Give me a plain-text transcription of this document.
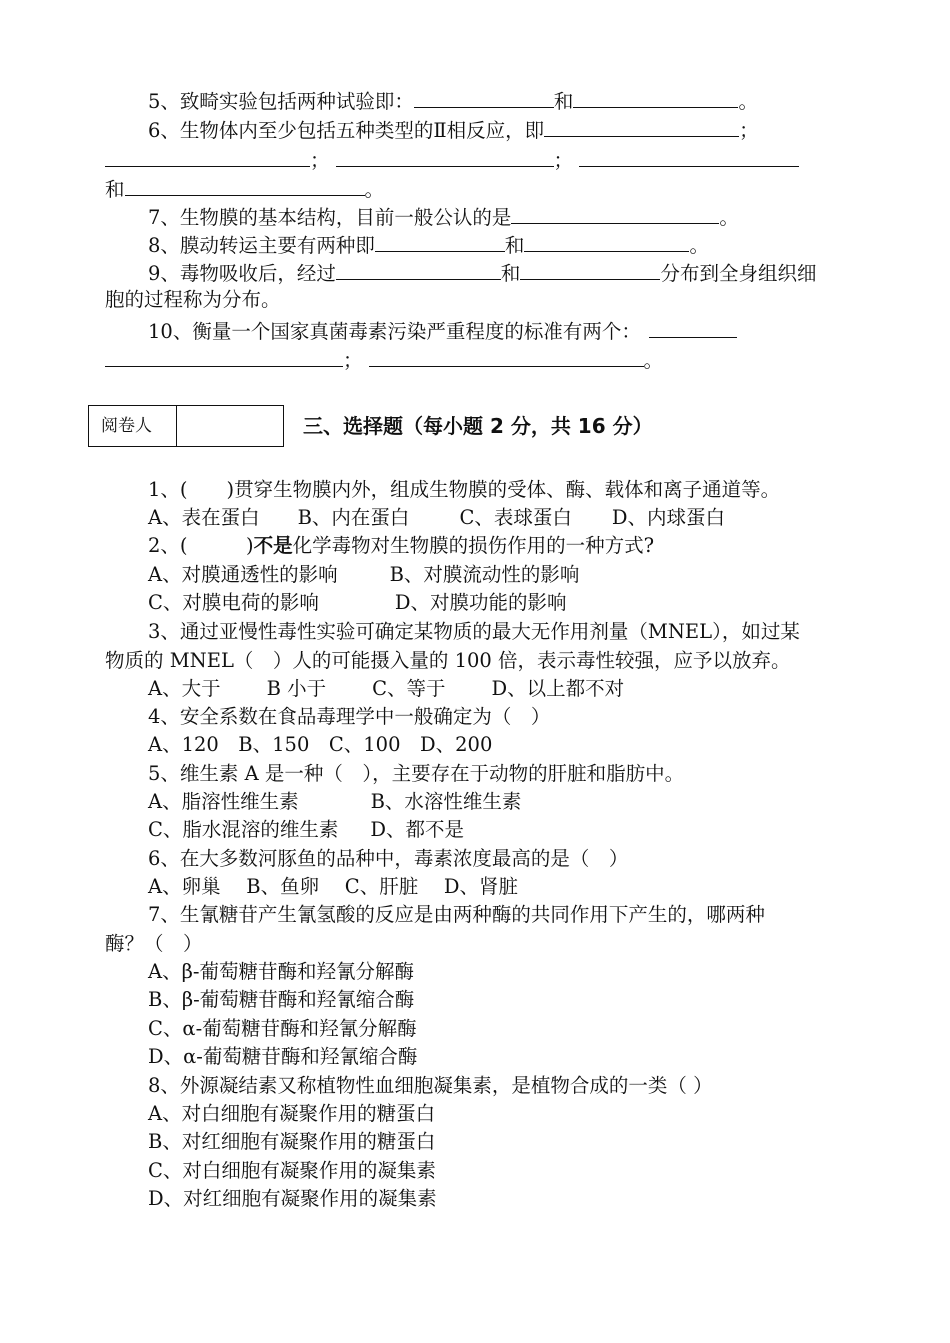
5、致畸实验包括两种试验即：	和	。
6、生物体内至少包括五种类型的Ⅱ相反应，即	；
；	；
和	。
7、生物膜的基本结构，目前一般公认的是	。
8、膜动转运主要有两种即	和	。
9、毒物吸收后，经过	和	分布到全身组织细
胞的过程称为分布。
10、衡量一个国家真菌毒素污染严重程度的标准有两个：
；	。
阅卷人	三、选择题（每小题 2 分，共 16 分）
1、(　　)贯穿生物膜内外，组成生物膜的受体、酶、载体和离子通道等。
A、表在蛋白 B、内在蛋白	C、表球蛋白 D、内球蛋白
2、(　　　)不是化学毒物对生物膜的损伤作用的一种方式?
A、对膜通透性的影响	B、对膜流动性的影响
C、对膜电荷的影响	D、对膜功能的影响
3、通过亚慢性毒性实验可确定某物质的最大无作用剂量（MNEL），如过某
物质的 MNEL（　）人的可能摄入量的 100 倍，表示毒性较强，应予以放弃。
A、大于 B 小于 C、等于 D、以上都不对
4、安全系数在食品毒理学中一般确定为（　）
A、120　B、150　C、100　D、200
5、维生素 A 是一种（　），主要存在于动物的肝脏和脂肪中。
A、脂溶性维生素	B、水溶性维生素
C、脂水混溶的维生素 D、都不是
6、在大多数河豚鱼的品种中，毒素浓度最高的是（　）
A、卵巢　 B、鱼卵　 C、肝脏　 D、肾脏
7、生氰糖苷产生氰氢酸的反应是由两种酶的共同作用下产生的，哪两种
酶？（　）
A、β-葡萄糖苷酶和羟氰分解酶
B、β-葡萄糖苷酶和羟氰缩合酶
C、α-葡萄糖苷酶和羟氰分解酶
D、α-葡萄糖苷酶和羟氰缩合酶
8、外源凝结素又称植物性血细胞凝集素，是植物合成的一类（ ）
A、对白细胞有凝聚作用的糖蛋白
B、对红细胞有凝聚作用的糖蛋白
C、对白细胞有凝聚作用的凝集素
D、对红细胞有凝聚作用的凝集素
